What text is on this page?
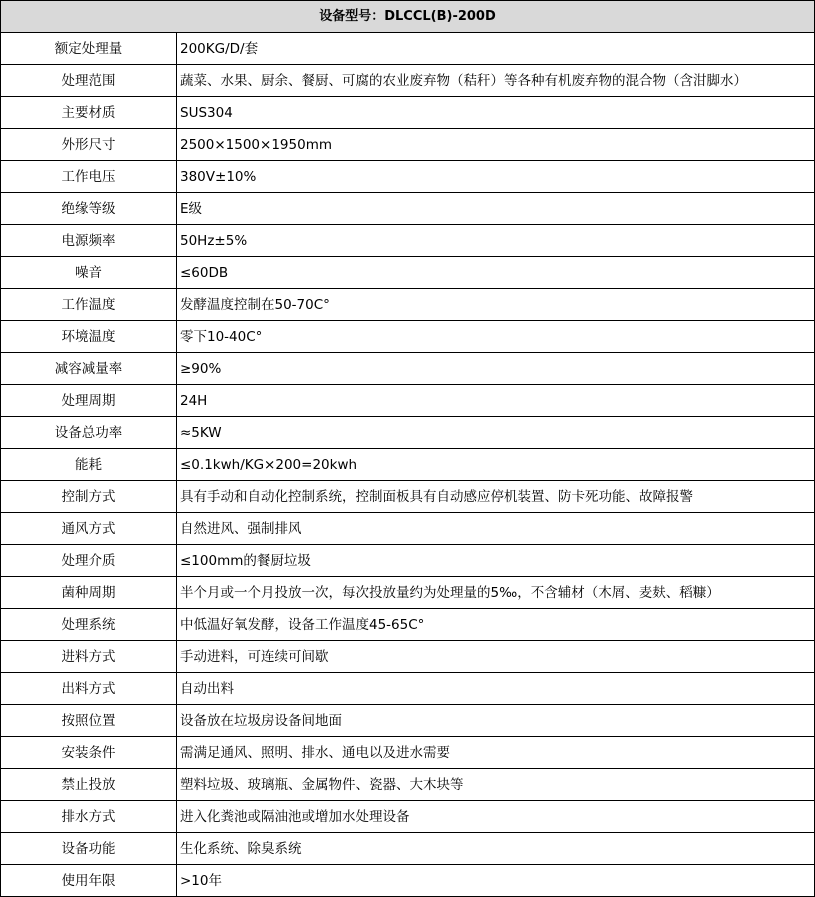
设备型号：DLCCL(B)-200D	
额定处理量	200KG/D/套
处理范围	蔬菜、水果、厨余、餐厨、可腐的农业废弃物（秸秆）等各种有机废弃物的混合物（含泔脚水）
主要材质	SUS304
外形尺寸	2500×1500×1950mm
工作电压	380V±10%
绝缘等级	E级
电源频率	50Hz±5%
噪音	≤60DB
工作温度	发酵温度控制在50-70C°
环境温度	零下10-40C°
减容减量率	≥90%
处理周期	24H
设备总功率	≈5KW
能耗	≤0.1kwh/KG×200=20kwh
控制方式	具有手动和自动化控制系统，控制面板具有自动感应停机装置、防卡死功能、故障报警
通风方式	自然进风、强制排风
处理介质	≤100mm的餐厨垃圾
菌种周期	半个月或一个月投放一次，每次投放量约为处理量的5‰，不含辅材（木屑、麦麸、稻糠）
处理系统	中低温好氧发酵，设备工作温度45-65C°
进料方式	手动进料，可连续可间歇
出料方式	自动出料
按照位置	设备放在垃圾房设备间地面
安装条件	需满足通风、照明、排水、通电以及进水需要
禁止投放	塑料垃圾、玻璃瓶、金属物件、瓷器、大木块等
排水方式	进入化粪池或隔油池或增加水处理设备
设备功能	生化系统、除臭系统
使用年限	>10年
